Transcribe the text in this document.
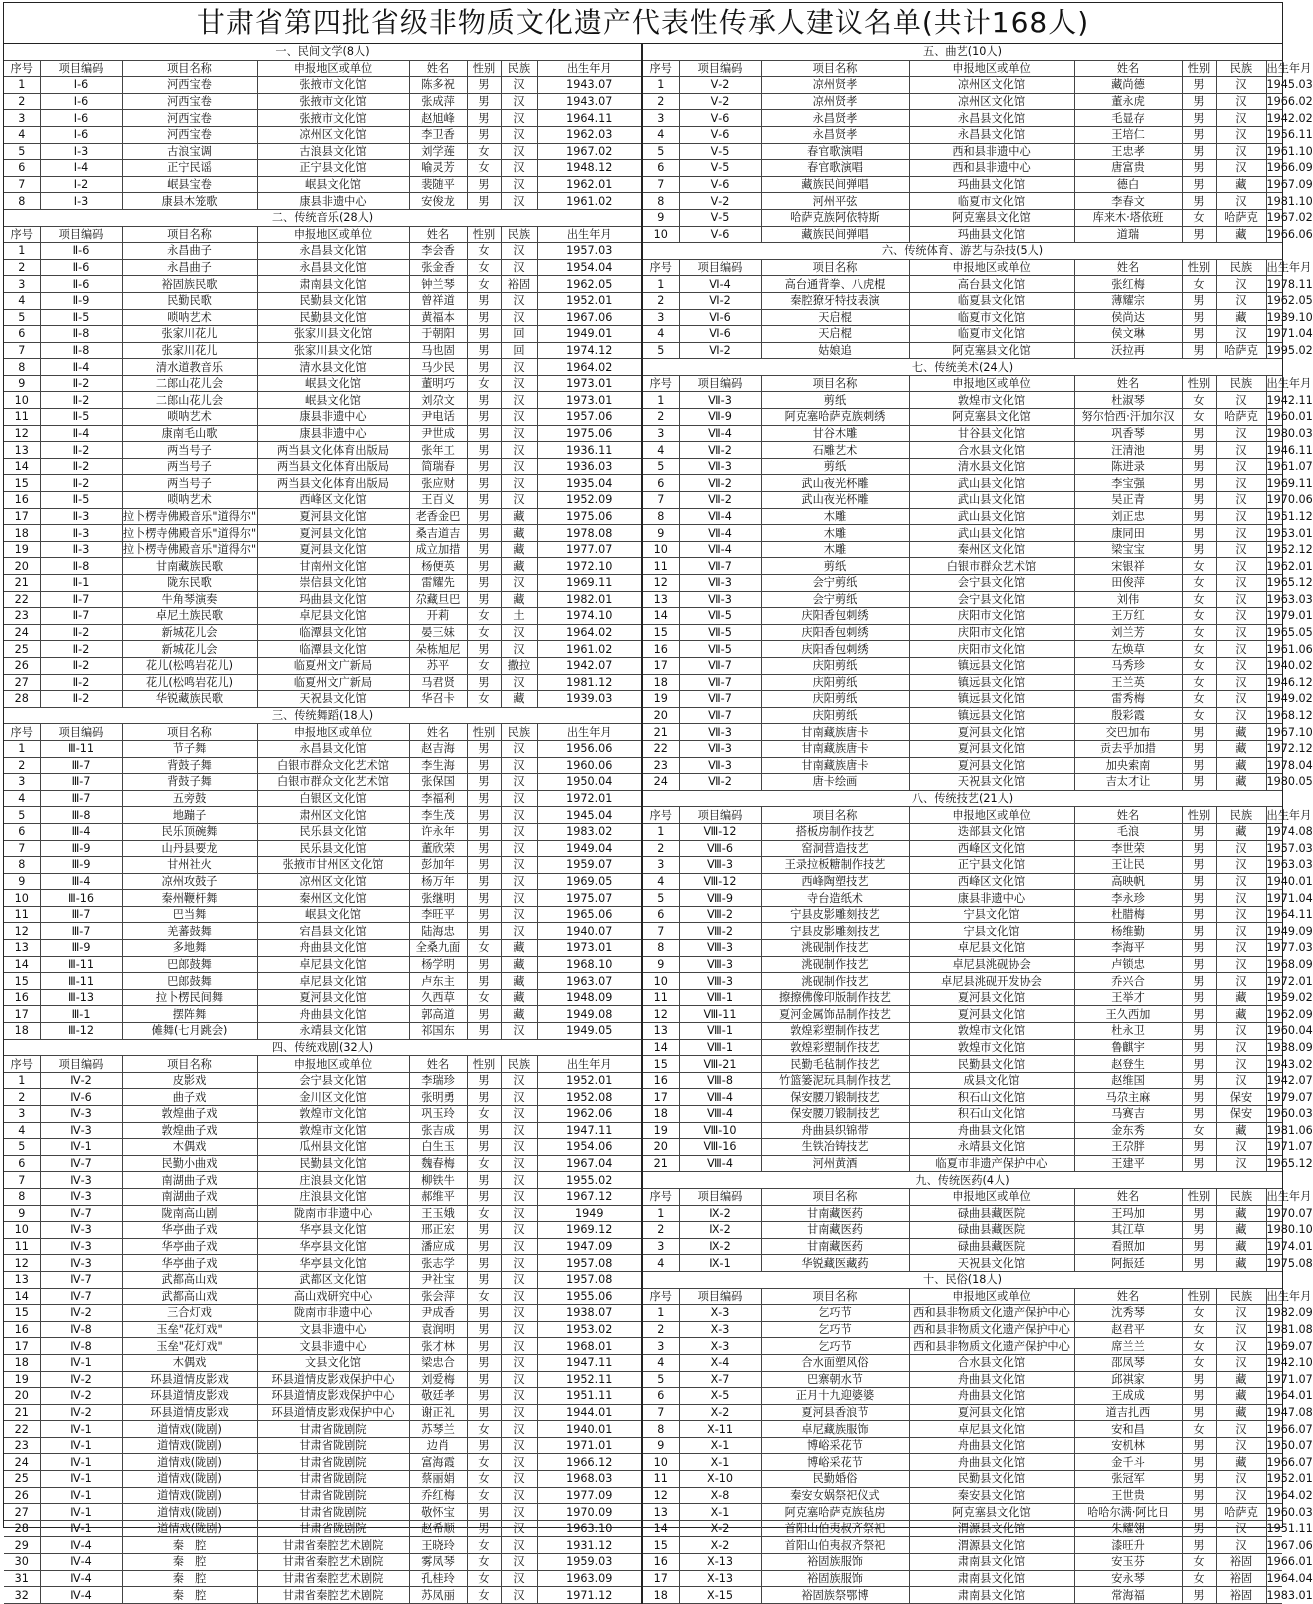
甘肃省第四批省级非物质文化遗产代表性传承人建议名单(共计168人)
一、民间文学(8人)							
序号	项目编码	项目名称	申报地区或单位	姓名	性别	民族	出生年月
1	Ⅰ-6	河西宝卷	张掖市文化馆	陈多祝	男	汉	1943.07
2	Ⅰ-6	河西宝卷	张掖市文化馆	张成萍	男	汉	1943.07
3	Ⅰ-6	河西宝卷	张掖市文化馆	赵旭峰	男	汉	1964.11
4	Ⅰ-6	河西宝卷	凉州区文化馆	李卫香	男	汉	1962.03
5	Ⅰ-3	古浪宝调	古浪县文化馆	刘学莲	女	汉	1967.02
6	Ⅰ-4	正宁民谣	正宁县文化馆	喻灵芳	女	汉	1948.12
7	Ⅰ-2	岷县宝卷	岷县文化馆	裴随平	男	汉	1962.01
8	Ⅰ-3	康县木笼歌	康县非遗中心	安俊龙	男	汉	1961.02
二、传统音乐(28人)							
序号	项目编码	项目名称	申报地区或单位	姓名	性别	民族	出生年月
1	Ⅱ-6	永昌曲子	永昌县文化馆	李会香	女	汉	1957.03
2	Ⅱ-6	永昌曲子	永昌县文化馆	张金香	女	汉	1954.04
3	Ⅱ-6	裕固族民歌	肃南县文化馆	钟兰琴	女	裕固	1962.05
4	Ⅱ-9	民勤民歌	民勤县文化馆	曾祥道	男	汉	1952.01
5	Ⅱ-5	唢呐艺术	民勤县文化馆	黄福本	男	汉	1967.06
6	Ⅱ-8	张家川花儿	张家川县文化馆	于朝阳	男	回	1949.01
7	Ⅱ-8	张家川花儿	张家川县文化馆	马也固	男	回	1974.12
8	Ⅱ-4	清水道教音乐	清水县文化馆	马少民	男	汉	1964.02
9	Ⅱ-2	二郎山花儿会	岷县文化馆	董明巧	女	汉	1973.01
10	Ⅱ-2	二郎山花儿会	岷县文化馆	刘尕文	男	汉	1973.01
11	Ⅱ-5	唢呐艺术	康县非遗中心	尹电话	男	汉	1957.06
12	Ⅱ-4	康南毛山歌	康县非遗中心	尹世成	男	汉	1975.06
13	Ⅱ-2	两当号子	两当县文化体育出版局	张年工	男	汉	1936.11
14	Ⅱ-2	两当号子	两当县文化体育出版局	简瑞春	男	汉	1936.03
15	Ⅱ-2	两当号子	两当县文化体育出版局	张应财	男	汉	1935.04
16	Ⅱ-5	唢呐艺术	西峰区文化馆	王百义	男	汉	1952.09
17	Ⅱ-3	拉卜楞寺佛殿音乐"道得尔"	夏河县文化馆	老香金巴	男	藏	1975.06
18	Ⅱ-3	拉卜楞寺佛殿音乐"道得尔"	夏河县文化馆	桑吉道吉	男	藏	1978.08
19	Ⅱ-3	拉卜楞寺佛殿音乐"道得尔"	夏河县文化馆	成立加措	男	藏	1977.07
20	Ⅱ-8	甘南藏族民歌	甘南州文化馆	杨便英	男	藏	1972.10
21	Ⅱ-1	陇东民歌	崇信县文化馆	雷耀先	男	汉	1969.11
22	Ⅱ-7	牛角琴演奏	玛曲县文化馆	尕藏旦巴	男	藏	1982.01
23	Ⅱ-7	卓尼土族民歌	卓尼县文化馆	开莉	女	土	1974.10
24	Ⅱ-2	新城花儿会	临潭县文化馆	晏三妹	女	汉	1964.02
25	Ⅱ-2	新城花儿会	临潭县文化馆	朵栋旭尼	男	汉	1961.02
26	Ⅱ-2	花儿(松鸣岩花儿)	临夏州文广新局	苏平	女	撒拉	1942.07
27	Ⅱ-2	花儿(松鸣岩花儿)	临夏州文广新局	马君贤	男	汉	1981.12
28	Ⅱ-2	华锐藏族民歌	天祝县文化馆	华召卡	女	藏	1939.03
三、传统舞蹈(18人)							
序号	项目编码	项目名称	申报地区或单位	姓名	性别	民族	出生年月
1	Ⅲ-11	节子舞	永昌县文化馆	赵吉海	男	汉	1956.06
2	Ⅲ-7	背鼓子舞	白银市群众文化艺术馆	李生海	男	汉	1960.06
3	Ⅲ-7	背鼓子舞	白银市群众文化艺术馆	张保国	男	汉	1950.04
4	Ⅲ-7	五旁鼓	白银区文化馆	李福利	男	汉	1972.01
5	Ⅲ-8	地蹦子	肃州区文化馆	李生茂	男	汉	1945.04
6	Ⅲ-4	民乐顶碗舞	民乐县文化馆	许永年	男	汉	1983.02
7	Ⅲ-9	山丹县要龙	民乐县文化馆	董欣荣	男	汉	1949.04
8	Ⅲ-9	甘州社火	张掖市甘州区文化馆	彭加年	男	汉	1959.07
9	Ⅲ-4	凉州攻鼓子	凉州区文化馆	杨万年	男	汉	1969.05
10	Ⅲ-16	秦州鞭杆舞	秦州区文化馆	张继明	男	汉	1975.07
11	Ⅲ-7	巴当舞	岷县文化馆	李旺平	男	汉	1965.06
12	Ⅲ-7	羌蕃鼓舞	宕昌县文化馆	陆海忠	男	汉	1940.07
13	Ⅲ-9	多地舞	舟曲县文化馆	全桑九面	女	藏	1973.01
14	Ⅲ-11	巴郎鼓舞	卓尼县文化馆	杨学明	男	藏	1968.10
15	Ⅲ-11	巴郎鼓舞	卓尼县文化馆	卢东主	男	藏	1963.07
16	Ⅲ-13	拉卜楞民间舞	夏河县文化馆	久西草	女	藏	1948.09
17	Ⅲ-1	摆阵舞	舟曲县文化馆	郭高道	男	藏	1949.08
18	Ⅲ-12	傩舞(七月跳会)	永靖县文化馆	祁国东	男	汉	1949.05
四、传统戏剧(32人)							
序号	项目编码	项目名称	申报地区或单位	姓名	性别	民族	出生年月
1	Ⅳ-2	皮影戏	会宁县文化馆	李瑞珍	男	汉	1952.01
2	Ⅳ-6	曲子戏	金川区文化馆	张明勇	男	汉	1952.08
3	Ⅳ-3	敦煌曲子戏	敦煌市文化馆	巩玉玲	女	汉	1962.06
4	Ⅳ-3	敦煌曲子戏	敦煌市文化馆	张吉成	男	汉	1947.11
5	Ⅳ-1	木偶戏	瓜州县文化馆	白生玉	男	汉	1954.06
6	Ⅳ-7	民勤小曲戏	民勤县文化馆	魏春梅	女	汉	1967.04
7	Ⅳ-3	南湖曲子戏	庄浪县文化馆	柳铁牛	男	汉	1955.02
8	Ⅳ-3	南湖曲子戏	庄浪县文化馆	郝维平	男	汉	1967.12
9	Ⅳ-7	陇南高山剧	陇南市非遗中心	王玉娥	女	汉	1949
10	Ⅳ-3	华亭曲子戏	华亭县文化馆	邢正宏	男	汉	1969.12
11	Ⅳ-3	华亭曲子戏	华亭县文化馆	潘应成	男	汉	1947.09
12	Ⅳ-3	华亭曲子戏	华亭县文化馆	张志学	男	汉	1957.08
13	Ⅳ-7	武都高山戏	武都区文化馆	尹社宝	男	汉	1957.08
14	Ⅳ-7	武都高山戏	高山戏研究中心	张会萍	女	汉	1955.06
15	Ⅳ-2	三合灯戏	陇南市非遗中心	尹成香	男	汉	1938.07
16	Ⅳ-8	玉垒"花灯戏"	文县非遗中心	袁润明	男	汉	1953.02
17	Ⅳ-8	玉垒"花灯戏"	文县非遗中心	张才林	男	汉	1968.01
18	Ⅳ-1	木偶戏	文县文化馆	梁忠合	男	汉	1947.11
19	Ⅳ-2	环县道情皮影戏	环县道情皮影戏保护中心	刘爱梅	男	汉	1952.11
20	Ⅳ-2	环县道情皮影戏	环县道情皮影戏保护中心	敬廷孝	男	汉	1951.11
21	Ⅳ-2	环县道情皮影戏	环县道情皮影戏保护中心	谢正礼	男	汉	1944.01
22	Ⅳ-1	道情戏(陇剧)	甘肃省陇剧院	苏琴兰	女	汉	1940.01
23	Ⅳ-1	道情戏(陇剧)	甘肃省陇剧院	边肖	男	汉	1971.01
24	Ⅳ-1	道情戏(陇剧)	甘肃省陇剧院	富海霞	女	汉	1966.12
25	Ⅳ-1	道情戏(陇剧)	甘肃省陇剧院	蔡丽娟	女	汉	1968.03
26	Ⅳ-1	道情戏(陇剧)	甘肃省陇剧院	乔红梅	女	汉	1977.09
27	Ⅳ-1	道情戏(陇剧)	甘肃省陇剧院	敬怀宝	男	汉	1970.09
28	Ⅳ-1	道情戏(陇剧)	甘肃省陇剧院	赵希顺	男	汉	1963.10
29	Ⅳ-4	秦　腔	甘肃省秦腔艺术剧院	王晓玲	女	汉	1931.12
30	Ⅳ-4	秦　腔	甘肃省秦腔艺术剧院	雾凤琴	女	汉	1959.03
31	Ⅳ-4	秦　腔	甘肃省秦腔艺术剧院	孔桂玲	女	汉	1963.09
32	Ⅳ-4	秦　腔	甘肃省秦腔艺术剧院	苏凤丽	女	汉	1971.12
五、曲艺(10人)							
序号	项目编码	项目名称	申报地区或单位	姓名	性别	民族	出生年月
1	Ⅴ-2	凉州贤孝	凉州区文化馆	藏尚德	男	汉	1945.03
2	Ⅴ-2	凉州贤孝	凉州区文化馆	董永虎	男	汉	1966.02
3	Ⅴ-6	永昌贤孝	永昌县文化馆	毛显存	男	汉	1942.02
4	Ⅴ-6	永昌贤孝	永昌县文化馆	王培仁	男	汉	1956.11
5	Ⅴ-5	春官歌演唱	西和县非遗中心	王忠孝	男	汉	1961.10
6	Ⅴ-5	春官歌演唱	西和县非遗中心	唐富贵	男	汉	1966.09
7	Ⅴ-6	藏族民间弹唱	玛曲县文化馆	德白	男	藏	1967.09
8	Ⅴ-2	河州平弦	临夏市文化馆	李春文	男	汉	1981.10
9	Ⅴ-5	哈萨克族阿依特斯	阿克塞县文化馆	库来木·塔依班	女	哈萨克	1967.02
10	Ⅴ-6	藏族民间弹唱	玛曲县文化馆	道瑞	男	藏	1966.06
六、传统体育、游艺与杂技(5人)							
序号	项目编码	项目名称	申报地区或单位	姓名	性别	民族	出生年月
1	Ⅵ-4	高台通背拳、八虎棍	高台县文化馆	张红梅	女	汉	1978.11
2	Ⅵ-2	秦腔獠牙特技表演	临夏县文化馆	薄耀宗	男	汉	1962.05
3	Ⅵ-6	天启棍	临夏市文化馆	侯尚达	男	藏	1939.10
4	Ⅵ-6	天启棍	临夏市文化馆	侯文琳	男	汉	1971.04
5	Ⅵ-2	姑娘追	阿克塞县文化馆	沃拉再	男	哈萨克	1995.02
七、传统美术(24人)							
序号	项目编码	项目名称	申报地区或单位	姓名	性别	民族	出生年月
1	Ⅶ-3	剪纸	敦煌市文化馆	杜淑琴	女	汉	1942.11
2	Ⅶ-9	阿克塞哈萨克族刺绣	阿克塞县文化馆	努尔恰西·汗加尔汉	女	哈萨克	1960.01
3	Ⅶ-4	甘谷木雕	甘谷县文化馆	巩香琴	男	汉	1980.03
4	Ⅶ-2	石雕艺术	合水县文化馆	汪清池	男	汉	1946.11
5	Ⅶ-3	剪纸	清水县文化馆	陈进录	男	汉	1961.07
6	Ⅶ-2	武山夜光杯雕	武山县文化馆	李宝强	男	汉	1969.11
7	Ⅶ-2	武山夜光杯雕	武山县文化馆	吴正青	男	汉	1970.06
8	Ⅶ-4	木雕	武山县文化馆	刘正忠	男	汉	1951.12
9	Ⅶ-4	木雕	武山县文化馆	康同田	男	汉	1953.01
10	Ⅶ-4	木雕	秦州区文化馆	梁宝宝	男	汉	1952.12
11	Ⅶ-7	剪纸	白银市群众艺术馆	宋银祥	女	汉	1962.01
12	Ⅶ-3	会宁剪纸	会宁县文化馆	田俊萍	女	汉	1965.12
13	Ⅶ-3	会宁剪纸	会宁县文化馆	刘伟	女	汉	1963.03
14	Ⅶ-5	庆阳香包刺绣	庆阳市文化馆	王万红	女	汉	1979.01
15	Ⅶ-5	庆阳香包刺绣	庆阳市文化馆	刘兰芳	女	汉	1965.05
16	Ⅶ-5	庆阳香包刺绣	庆阳市文化馆	左焕草	女	汉	1961.06
17	Ⅶ-7	庆阳剪纸	镇远县文化馆	马秀珍	女	汉	1940.02
18	Ⅶ-7	庆阳剪纸	镇远县文化馆	王兰英	女	汉	1946.12
19	Ⅶ-7	庆阳剪纸	镇远县文化馆	雷秀梅	女	汉	1949.02
20	Ⅶ-7	庆阳剪纸	镇远县文化馆	殷彩霞	女	汉	1968.12
21	Ⅶ-3	甘南藏族唐卡	夏河县文化馆	交巴加布	男	藏	1967.10
22	Ⅶ-3	甘南藏族唐卡	夏河县文化馆	贡去乎加措	男	藏	1972.12
23	Ⅶ-3	甘南藏族唐卡	夏河县文化馆	加央索南	男	藏	1978.04
24	Ⅶ-2	唐卡绘画	天祝县文化馆	吉太才让	男	藏	1980.05
八、传统技艺(21人)							
序号	项目编码	项目名称	申报地区或单位	姓名	性别	民族	出生年月
1	Ⅷ-12	搭板房制作技艺	迭部县文化馆	毛浪	男	藏	1974.08
2	Ⅷ-6	窑洞营造技艺	西峰区文化馆	李世荣	男	汉	1957.03
3	Ⅷ-3	王录拉板糖制作技艺	正宁县文化馆	王让民	男	汉	1963.03
4	Ⅷ-12	西峰陶塑技艺	西峰区文化馆	高映帆	男	汉	1940.01
5	Ⅷ-9	寺台造纸术	康县非遗中心	李永珍	男	汉	1971.04
6	Ⅷ-2	宁县皮影雕刻技艺	宁县文化馆	杜腊梅	男	汉	1964.11
7	Ⅷ-2	宁县皮影雕刻技艺	宁县文化馆	杨维勤	男	汉	1949.09
8	Ⅷ-3	洮砚制作技艺	卓尼县文化馆	李海平	男	汉	1977.03
9	Ⅷ-3	洮砚制作技艺	卓尼县洮砚协会	卢锁忠	男	汉	1968.09
10	Ⅷ-3	洮砚制作技艺	卓尼县洮砚开发协会	乔兴合	男	汉	1972.01
11	Ⅷ-1	擦擦佛像印版制作技艺	夏河县文化馆	王举才	男	藏	1959.02
12	Ⅷ-11	夏河金属饰品制作技艺	夏河县文化馆	王久西加	男	藏	1962.09
13	Ⅷ-1	敦煌彩塑制作技艺	敦煌市文化馆	杜永卫	男	汉	1960.04
14	Ⅷ-1	敦煌彩塑制作技艺	敦煌市文化馆	鲁麒宇	男	汉	1938.09
15	Ⅷ-21	民勤毛毡制作技艺	民勤县文化馆	赵登生	男	汉	1943.02
16	Ⅷ-8	竹篮篓泥玩具制作技艺	成县文化馆	赵维国	男	汉	1942.07
17	Ⅷ-4	保安腰刀锻制技艺	积石山文化馆	马尕主麻	男	保安	1979.07
18	Ⅷ-4	保安腰刀锻制技艺	积石山文化馆	马赛吉	男	保安	1960.03
19	Ⅷ-10	舟曲县织锦带	舟曲县文化馆	金东秀	女	藏	1981.06
20	Ⅷ-16	生铁冶铸技艺	永靖县文化馆	王尕胖	男	汉	1971.07
21	Ⅷ-4	河州黄酒	临夏市非遗产保护中心	王建平	男	汉	1965.12
九、传统医药(4人)							
序号	项目编码	项目名称	申报地区或单位	姓名	性别	民族	出生年月
1	Ⅸ-2	甘南藏医药	碌曲县藏医院	王玛加	男	藏	1970.07
2	Ⅸ-2	甘南藏医药	碌曲县藏医院	其江草	男	藏	1980.10
3	Ⅸ-2	甘南藏医药	碌曲县藏医院	看照加	男	藏	1974.01
4	Ⅸ-1	华锐藏医藏药	天祝县文化馆	阿振廷	男	藏	1975.08
十、民俗(18人)							
序号	项目编码	项目名称	申报地区或单位	姓名	性别	民族	出生年月
1	Ⅹ-3	乞巧节	西和县非物质文化遗产保护中心	沈秀琴	女	汉	1982.09
2	Ⅹ-3	乞巧节	西和县非物质文化遗产保护中心	赵君平	女	汉	1981.08
3	Ⅹ-3	乞巧节	西和县非物质文化遗产保护中心	席兰兰	女	汉	1969.07
4	Ⅹ-4	合水面塑风俗	合水县文化馆	邵凤琴	女	汉	1942.10
5	Ⅹ-7	巴寨朝水节	舟曲县文化馆	邱祺家	男	藏	1971.07
6	Ⅹ-5	正月十九迎婆婆	舟曲县文化馆	王成成	男	藏	1964.01
7	Ⅹ-2	夏河县香浪节	夏河县文化馆	道吉扎西	男	藏	1947.08
8	Ⅹ-11	卓尼藏族服饰	卓尼县文化馆	安和昌	女	汉	1966.07
9	Ⅹ-1	博峪采花节	舟曲县文化馆	安机林	男	汉	1950.07
10	Ⅹ-1	博峪采花节	舟曲县文化馆	金千斗	男	藏	1966.07
11	Ⅹ-10	民勤婚俗	民勤县文化馆	张冠军	男	汉	1952.01
12	Ⅹ-8	秦安女娲祭祀仪式	秦安县文化馆	王世贵	男	汉	1964.02
13	Ⅹ-1	阿克塞哈萨克族毡房	阿克塞县文化馆	哈哈尔满·阿比日	男	哈萨克	1960.03
14	Ⅹ-2	首阳山伯夷叔齐祭祀	渭源县文化馆	朱耀翎	男	汉	1951.11
15	Ⅹ-2	首阳山伯夷叔齐祭祀	渭源县文化馆	漆旺升	男	汉	1967.06
16	Ⅹ-13	裕固族服饰	肃南县文化馆	安玉芬	女	裕固	1966.01
17	Ⅹ-13	裕固族服饰	肃南县文化馆	安永琴	女	裕固	1964.04
18	Ⅹ-15	裕固族祭鄂博	肃南县文化馆	常海福	男	裕固	1983.01
